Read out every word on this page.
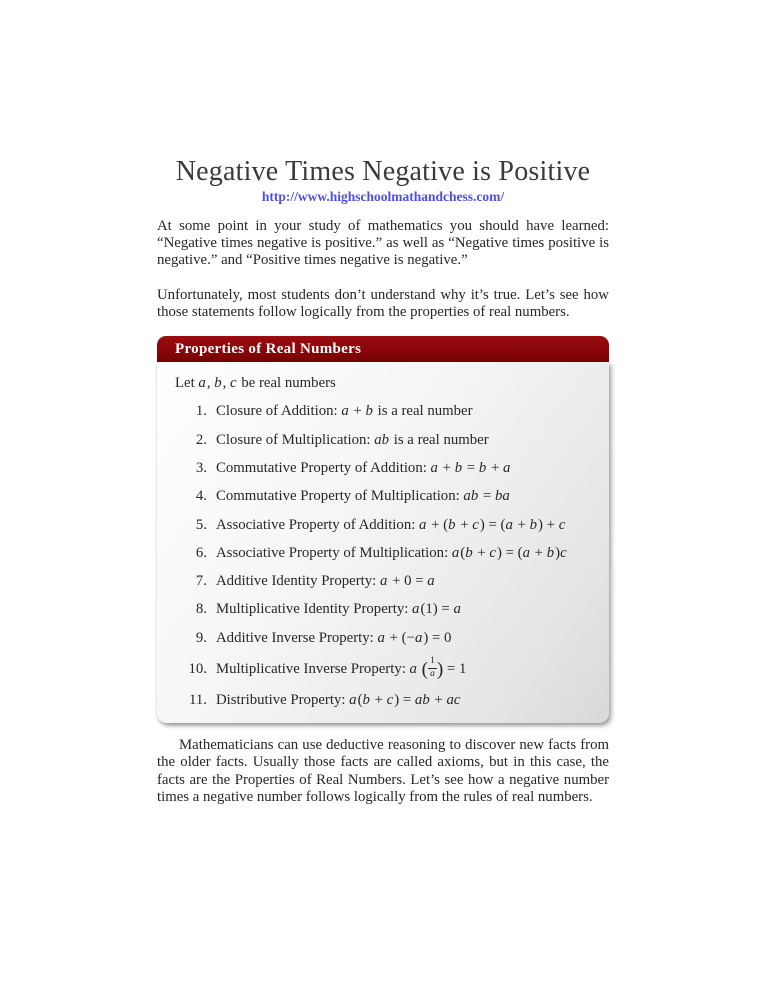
Negative Times Negative is Positive
http://www.highschoolmathandchess.com/

At some point in your study of mathematics you should have learned: “Negative times negative is positive.” as well as “Negative times positive is negative.” and “Positive times negative is negative.”

Unfortunately, most students don’t understand why it’s true. Let’s see how those statements follow logically from the properties of real numbers.

Properties of Real Numbers
Let a, b, c be real numbers
1. Closure of Addition: a + b is a real number
2. Closure of Multiplication: ab is a real number
3. Commutative Property of Addition: a + b = b + a
4. Commutative Property of Multiplication: ab = ba
5. Associative Property of Addition: a + (b + c) = (a + b) + c
6. Associative Property of Multiplication: a(b + c) = (a + b)c
7. Additive Identity Property: a + 0 = a
8. Multiplicative Identity Property: a(1) = a
9. Additive Inverse Property: a + (−a) = 0
10. Multiplicative Inverse Property: a ( $\frac{1}{a}$ ) = 1
11. Distributive Property: a(b + c) = ab + ac

Mathematicians can use deductive reasoning to discover new facts from the older facts. Usually those facts are called axioms, but in this case, the facts are the Properties of Real Numbers. Let’s see how a negative number times a negative number follows logically from the rules of real numbers.
